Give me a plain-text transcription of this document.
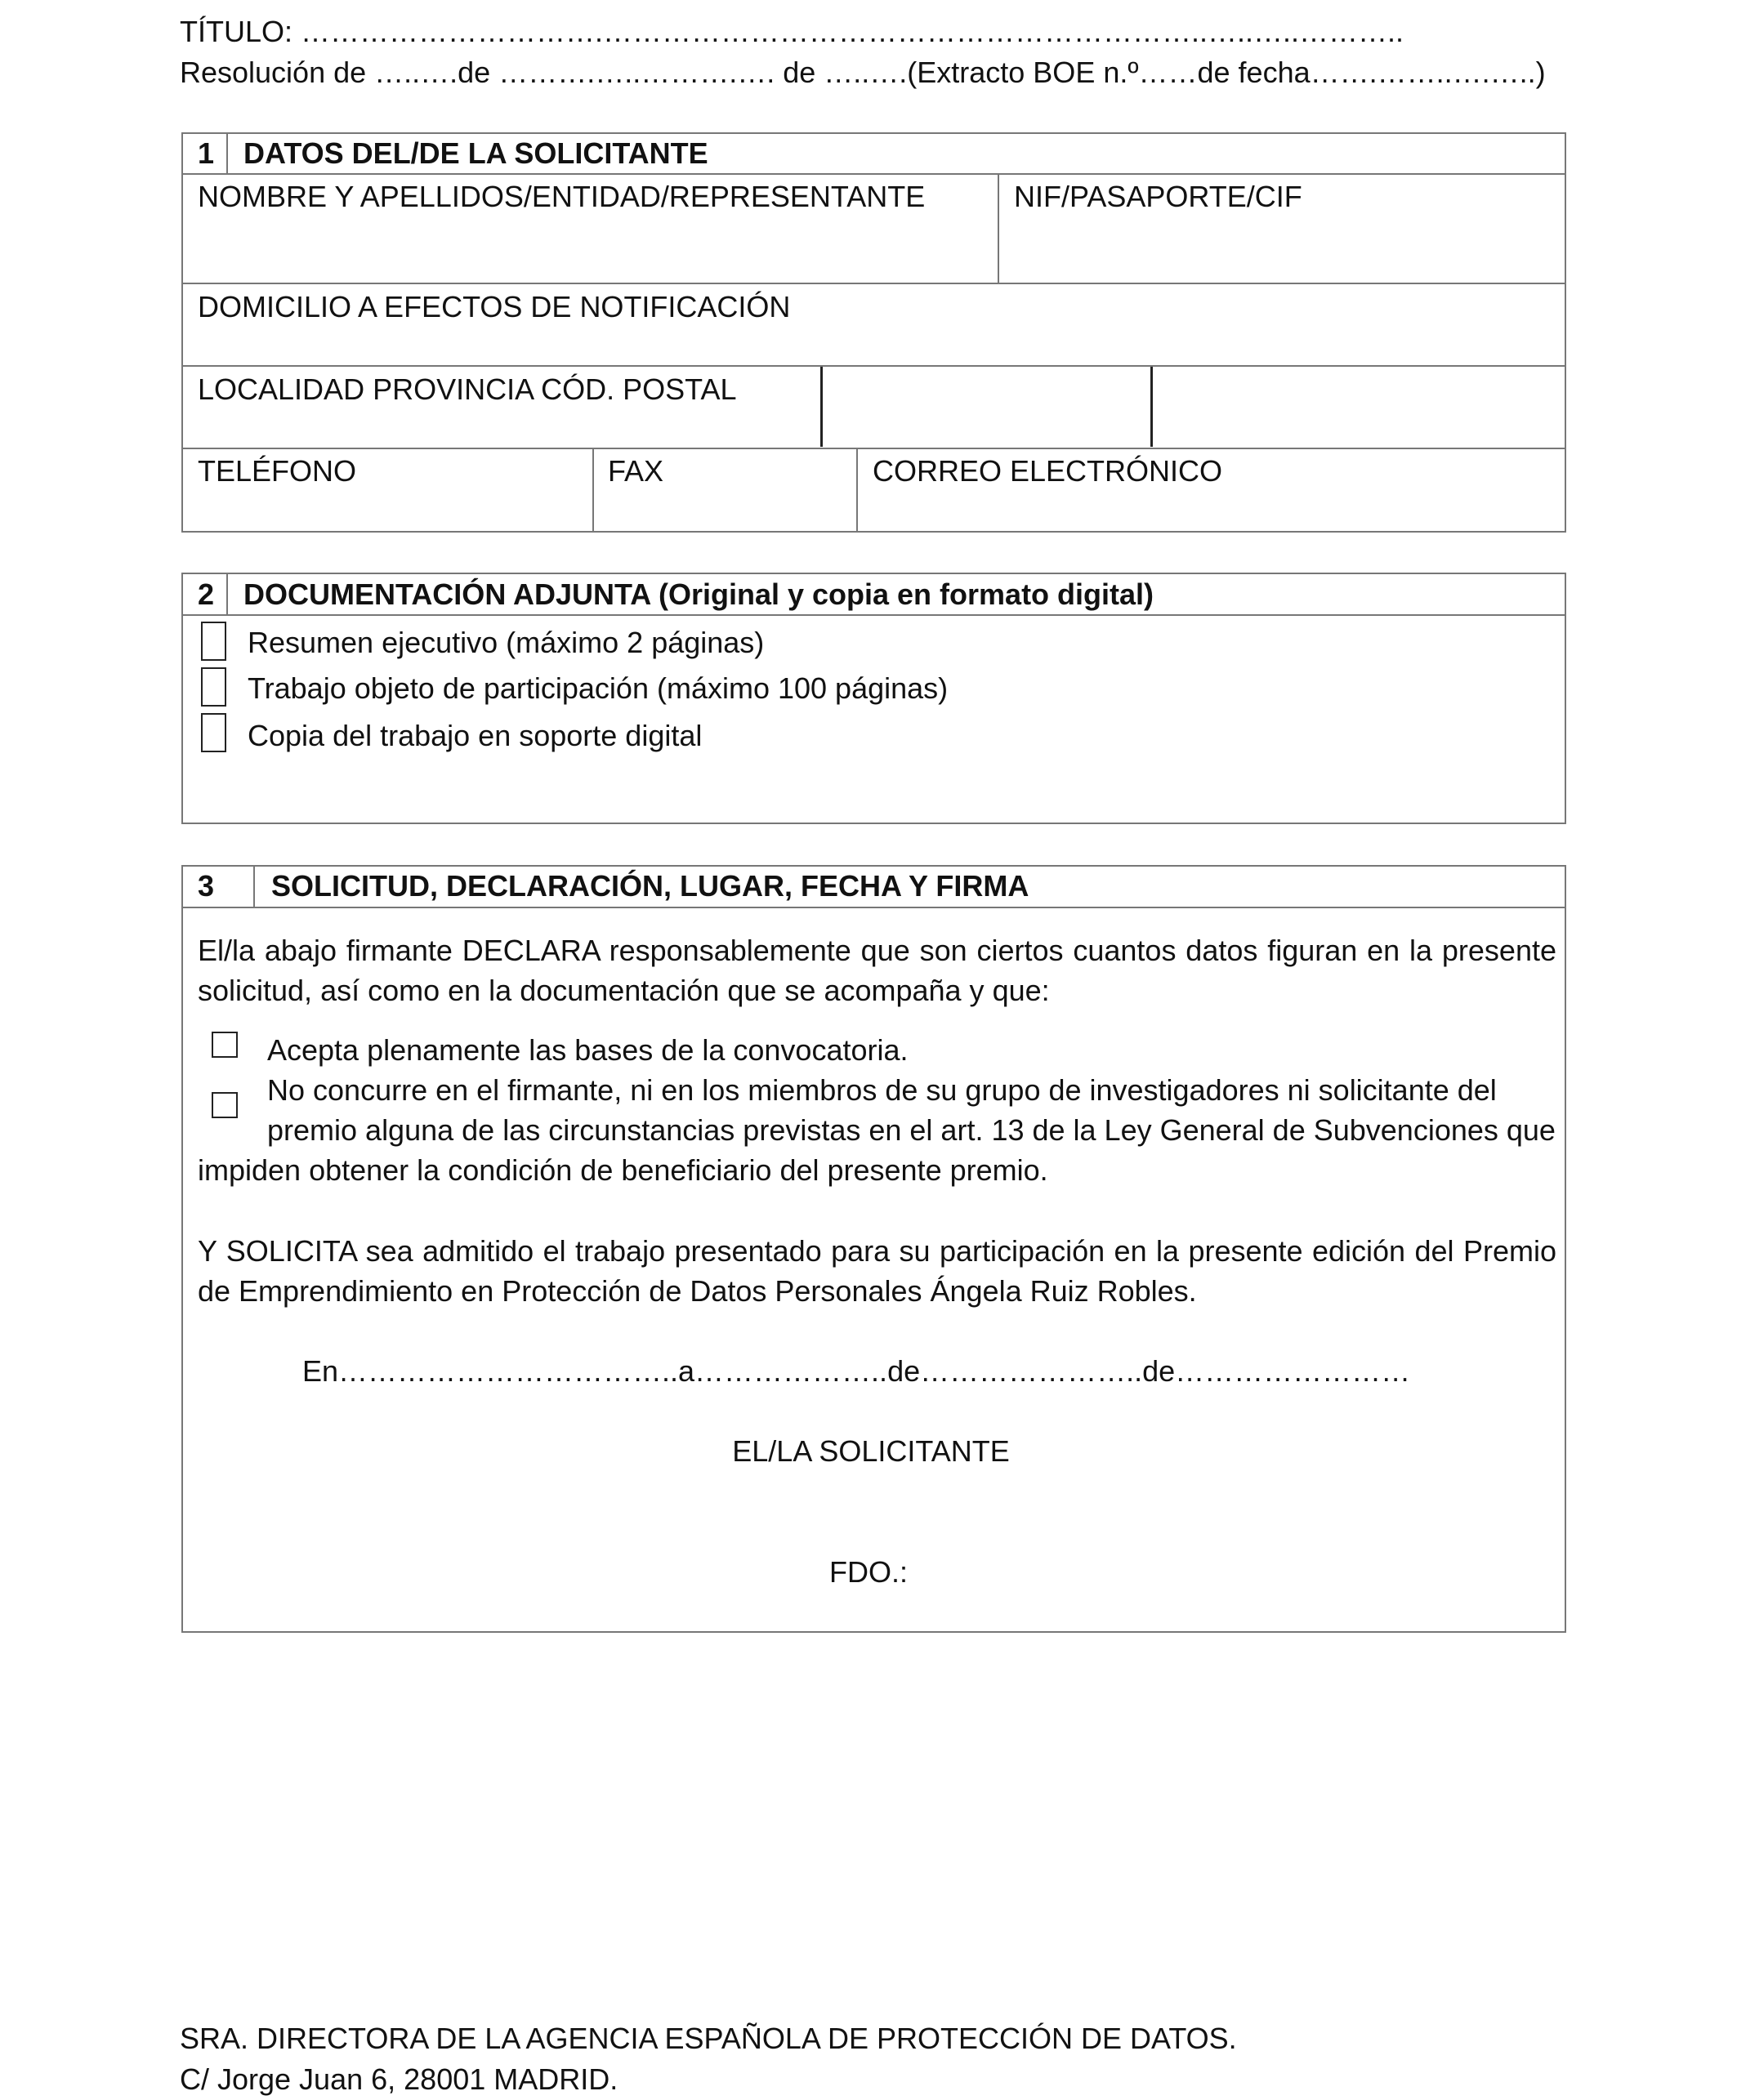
TÍTULO: ………………………….……………………………………………………..…..…..………..
Resolución de …..….de ……….…..……….…. de …..….(Extracto BOE n.º……de fecha…….……..….…..)
1 DATOS DEL/DE LA SOLICITANTE
NOMBRE Y APELLIDOS/ENTIDAD/REPRESENTANTE	NIF/PASAPORTE/CIF
DOMICILIO A EFECTOS DE NOTIFICACIÓN
LOCALIDAD PROVINCIA CÓD. POSTAL
TELÉFONO	FAX	CORREO ELECTRÓNICO
2 DOCUMENTACIÓN ADJUNTA (Original y copia en formato digital)
Resumen ejecutivo (máximo 2 páginas)
Trabajo objeto de participación (máximo 100 páginas)
Copia del trabajo en soporte digital
3 SOLICITUD, DECLARACIÓN, LUGAR, FECHA Y FIRMA
El/la abajo firmante DECLARA responsablemente que son ciertos cuantos datos figuran en la presente solicitud, así como en la documentación que se acompaña y que:
Acepta plenamente las bases de la convocatoria.
No concurre en el firmante, ni en los miembros de su grupo de investigadores ni solicitante del
premio alguna de las circunstancias previstas en el art. 13 de la Ley General de Subvenciones que
impiden obtener la condición de beneficiario del presente premio.
Y SOLICITA sea admitido el trabajo presentado para su participación en la presente edición del Premio de Emprendimiento en Protección de Datos Personales Ángela Ruiz Robles.
En……………………………..a………………..de…………………..de……………………
EL/LA SOLICITANTE
FDO.:
SRA. DIRECTORA DE LA AGENCIA ESPAÑOLA DE PROTECCIÓN DE DATOS.
C/ Jorge Juan 6, 28001 MADRID.
